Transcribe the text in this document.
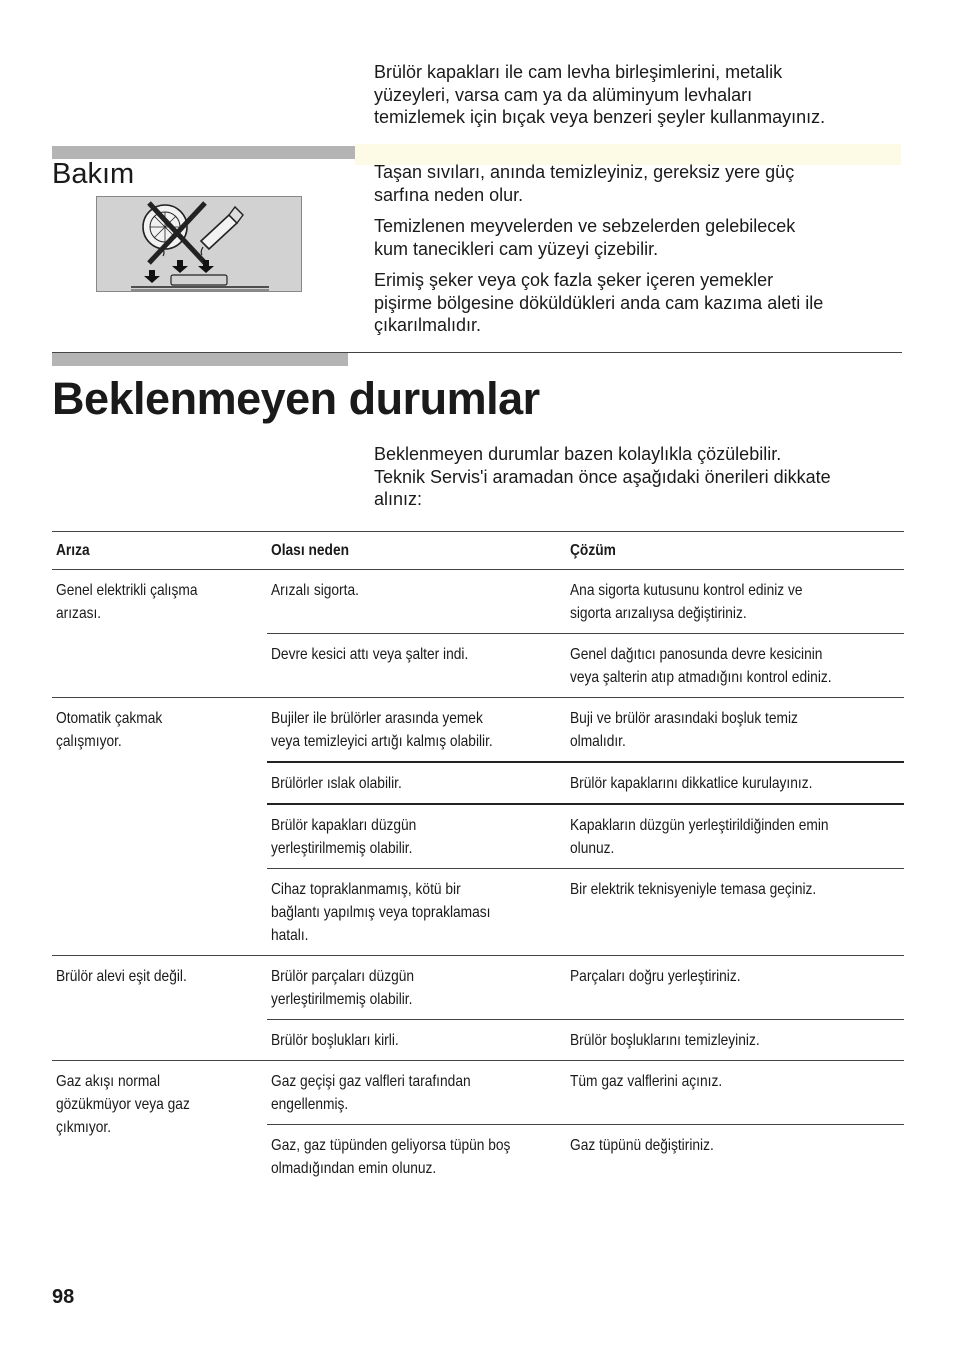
Brülör kapakları ile cam levha birleşimlerini, metalik
yüzeyleri, varsa cam ya da alüminyum levhaları
temizlemek için bıçak veya benzeri şeyler kullanmayınız.

Bakım	Taşan sıvıları, anında temizleyiniz, gereksiz yere güç
sarfına neden olur.

Temizlenen meyvelerden ve sebzelerden gelebilecek
kum tanecikleri cam yüzeyi çizebilir.

Erimiş şeker veya çok fazla şeker içeren yemekler
pişirme bölgesine döküldükleri anda cam kazıma aleti ile
çıkarılmalıdır.

Beklenmeyen durumlar

Beklenmeyen durumlar bazen kolaylıkla çözülebilir.
Teknik Servis'i aramadan önce aşağıdaki önerileri dikkate
alınız:

Arıza	Olası neden	Çözüm
Genel elektrikli çalışma
arızası.	Arızalı sigorta.	Ana sigorta kutusunu kontrol ediniz ve
sigorta arızalıysa değiştiriniz.

	Devre kesici attı veya şalter indi.	Genel dağıtıcı panosunda devre kesicinin
veya şalterin atıp atmadığını kontrol ediniz.

Otomatik çakmak
çalışmıyor.	Bujiler ile brülörler arasında yemek
veya temizleyici artığı kalmış olabilir.	Buji ve brülör arasındaki boşluk temiz
olmalıdır.

	Brülörler ıslak olabilir.	Brülör kapaklarını dikkatlice kurulayınız.

	Brülör kapakları düzgün
yerleştirilmemiş olabilir.	Kapakların düzgün yerleştirildiğinden emin
olunuz.

	Cihaz topraklanmamış, kötü bir
bağlantı yapılmış veya topraklaması
hatalı.	Bir elektrik teknisyeniyle temasa geçiniz.

Brülör alevi eşit değil.	Brülör parçaları düzgün
yerleştirilmemiş olabilir.	Parçaları doğru yerleştiriniz.

	Brülör boşlukları kirli.	Brülör boşluklarını temizleyiniz.

Gaz akışı normal
gözükmüyor veya gaz
çıkmıyor.	Gaz geçişi gaz valfleri tarafından
engellenmiş.	Tüm gaz valflerini açınız.

	Gaz, gaz tüpünden geliyorsa tüpün boş
olmadığından emin olunuz.	Gaz tüpünü değiştiriniz.

98
